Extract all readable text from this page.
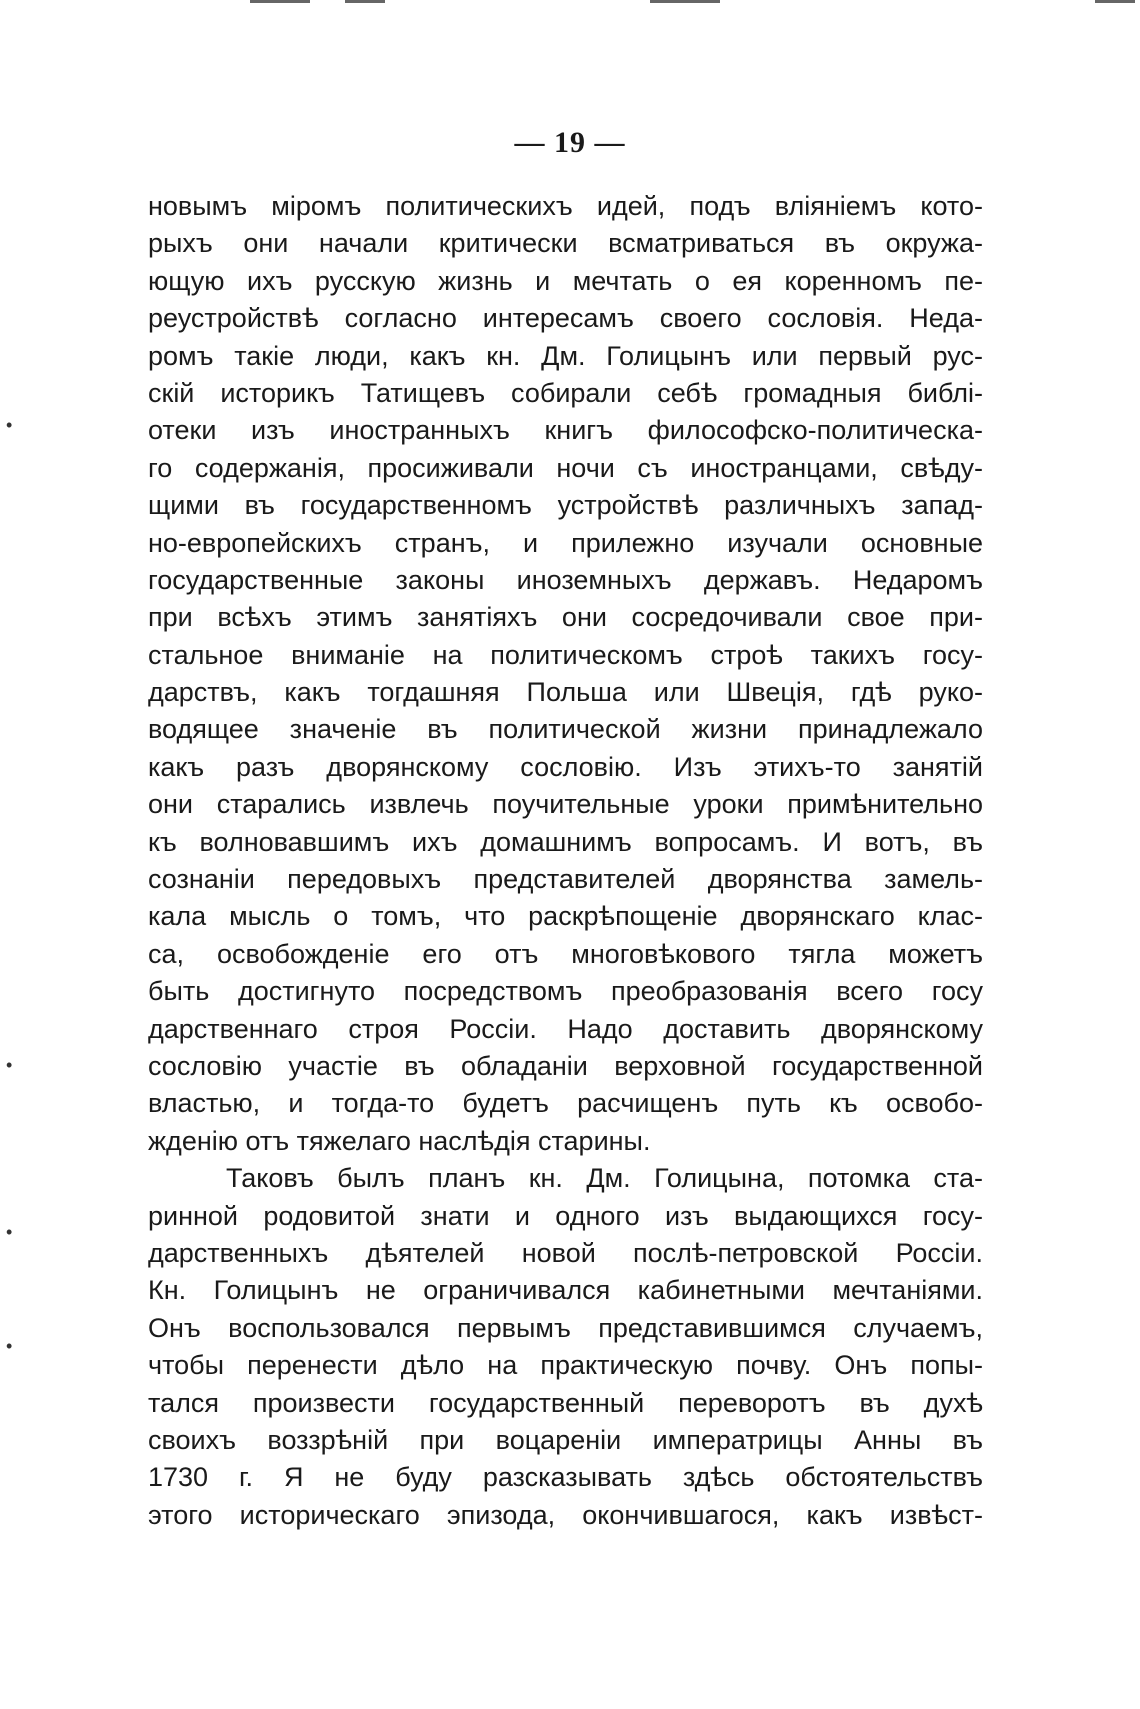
— 19 —
•
•
•
•
новымъ міромъ политическихъ идей, подъ вліяніемъ кото-
рыхъ они начали критически всматриваться въ окружа-
ющую ихъ русскую жизнь и мечтать о ея коренномъ пе-
реустройствѣ согласно интересамъ своего сословія. Неда-
ромъ такіе люди, какъ кн. Дм. Голицынъ или первый рус-
скій историкъ Татищевъ собирали себѣ громадныя библі-
отеки изъ иностранныхъ книгъ философско-политическа-
го содержанія, просиживали ночи съ иностранцами, свѣду-
щими въ государственномъ устройствѣ различныхъ запад-
но-европейскихъ странъ, и прилежно изучали основные
государственные законы иноземныхъ державъ. Недаромъ
при всѣхъ этимъ занятіяхъ они сосредочивали свое при-
стальное вниманіе на политическомъ строѣ такихъ госу-
дарствъ, какъ тогдашняя Польша или Швеція, гдѣ руко-
водящее значеніе въ политической жизни принадлежало
какъ разъ дворянскому сословію. Изъ этихъ-то занятій
они старались извлечь поучительные уроки примѣнительно
къ волновавшимъ ихъ домашнимъ вопросамъ. И вотъ, въ
сознаніи передовыхъ представителей дворянства замель-
кала мысль о томъ, что раскрѣпощеніе дворянскаго клас-
са, освобожденіе его отъ многовѣкового тягла можетъ
быть достигнуто посредствомъ преобразованія всего госу
дарственнаго строя Россіи. Надо доставить дворянскому
сословію участіе въ обладаніи верховной государственной
властью, и тогда-то будетъ расчищенъ путь къ освобо-
жденію отъ тяжелаго наслѣдія старины.
Таковъ былъ планъ кн. Дм. Голицына, потомка ста-
ринной родовитой знати и одного изъ выдающихся госу-
дарственныхъ дѣятелей новой послѣ-петровской Россіи.
Кн. Голицынъ не ограничивался кабинетными мечтаніями.
Онъ воспользовался первымъ представившимся случаемъ,
чтобы перенести дѣло на практическую почву. Онъ попы-
тался произвести государственный переворотъ въ духѣ
своихъ воззрѣній при воцареніи императрицы Анны въ
1730 г. Я не буду разсказывать здѣсь обстоятельствъ
этого историческаго эпизода, окончившагося, какъ извѣст-
